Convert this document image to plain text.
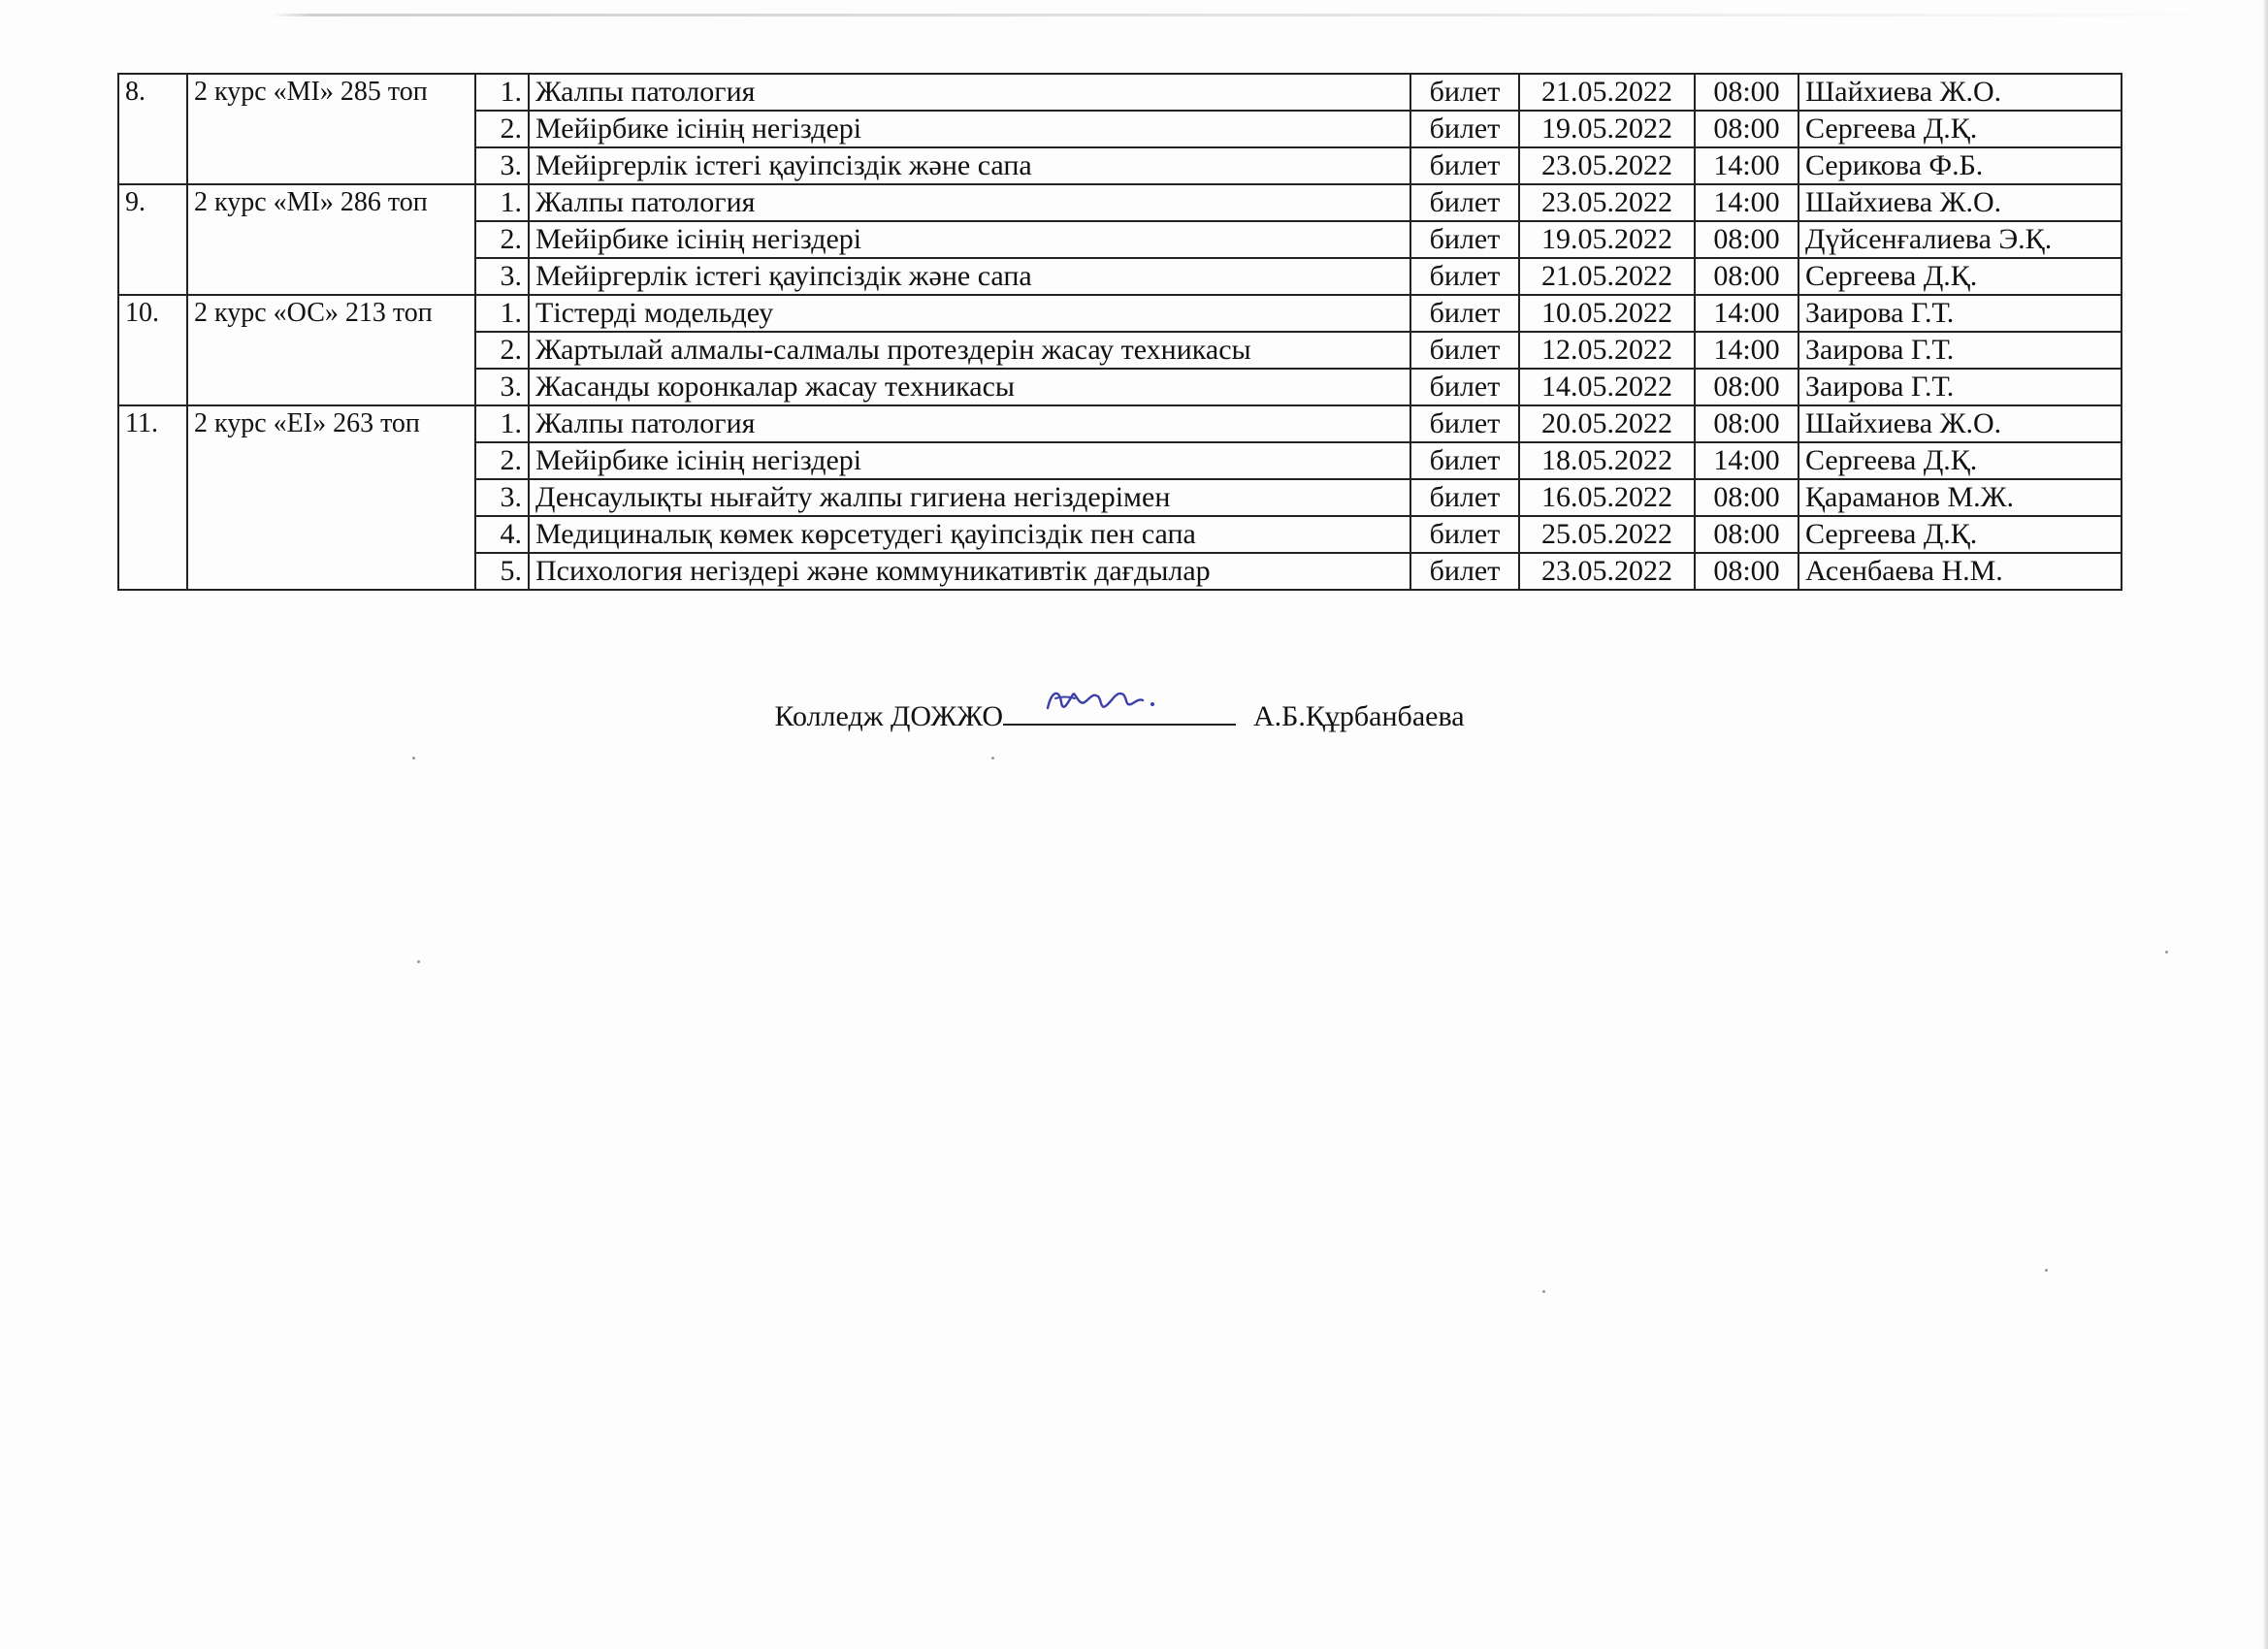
8.	2 курс «MI» 285 топ	1.	Жалпы патология	билет	21.05.2022	08:00	Шайхиева Ж.О.
		2.	Мейірбике ісінің негіздері	билет	19.05.2022	08:00	Сергеева Д.Қ.
		3.	Мейіргерлік істегі қауіпсіздік және сапа	билет	23.05.2022	14:00	Серикова Ф.Б.
9.	2 курс «MI» 286 топ	1.	Жалпы патология	билет	23.05.2022	14:00	Шайхиева Ж.О.
		2.	Мейірбике ісінің негіздері	билет	19.05.2022	08:00	Дүйсенғалиева Э.Қ.
		3.	Мейіргерлік істегі қауіпсіздік және сапа	билет	21.05.2022	08:00	Сергеева Д.Қ.
10.	2 курс «ОС» 213 топ	1.	Тістерді модельдеу	билет	10.05.2022	14:00	Заирова Г.Т.
		2.	Жартылай алмалы-салмалы протездерін жасау техникасы	билет	12.05.2022	14:00	Заирова Г.Т.
		3.	Жасанды коронкалар жасау техникасы	билет	14.05.2022	08:00	Заирова Г.Т.
11.	2 курс «ЕІ» 263 топ	1.	Жалпы патология	билет	20.05.2022	08:00	Шайхиева Ж.О.
		2.	Мейірбике ісінің негіздері	билет	18.05.2022	14:00	Сергеева Д.Қ.
		3.	Денсаулықты нығайту жалпы гигиена негіздерімен	билет	16.05.2022	08:00	Қараманов М.Ж.
		4.	Медициналық көмек көрсетудегі қауіпсіздік пен сапа	билет	25.05.2022	08:00	Сергеева Д.Қ.
		5.	Психология негіздері және коммуникативтік дағдылар	билет	23.05.2022	08:00	Асенбаева Н.М.
Колледж ДОЖЖО	А.Б.Құрбанбаева
